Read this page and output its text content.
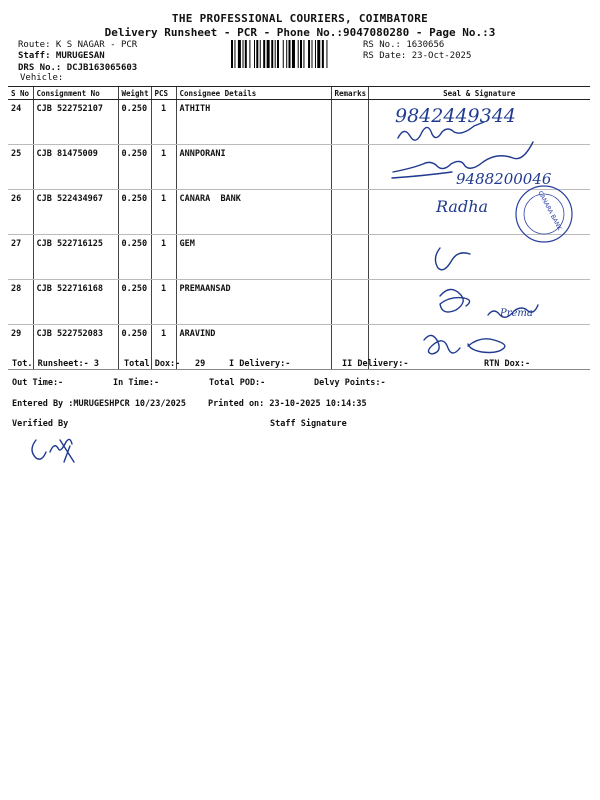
THE PROFESSIONAL COURIERS, COIMBATORE
Delivery Runsheet - PCR - Phone No.:9047080280 - Page No.:3
Route: K S NAGAR - PCR
Staff: MURUGESAN
DRS No.: DCJB163065603
Vehicle:
RS No.: 1630656
RS Date: 23-Oct-2025
S No	Consignment No	Weight	PCS	Consignee Details	Remarks	Seal & Signature
24	CJB 522752107	0.250	1	ATHITH		
25	CJB 81475009	0.250	1	ANNPORANI		
26	CJB 522434967	0.250	1	CANARA  BANK		
27	CJB 522716125	0.250	1	GEM		
28	CJB 522716168	0.250	1	PREMAANSAD		
29	CJB 522752083	0.250	1	ARAVIND		
Tot. Runsheet:- 3	Total Dox:- 29	I Delivery:-	II Delivery:-	RTN Dox:-
Out Time:-	In Time:-	Total POD:-	Delvy Points:-
Entered By :MURUGESHPCR 10/23/2025	Printed on: 23-10-2025 10:14:35
Verified By	Staff Signature
9842449344
9488200046
Radha
Prema
CANARA BANK
